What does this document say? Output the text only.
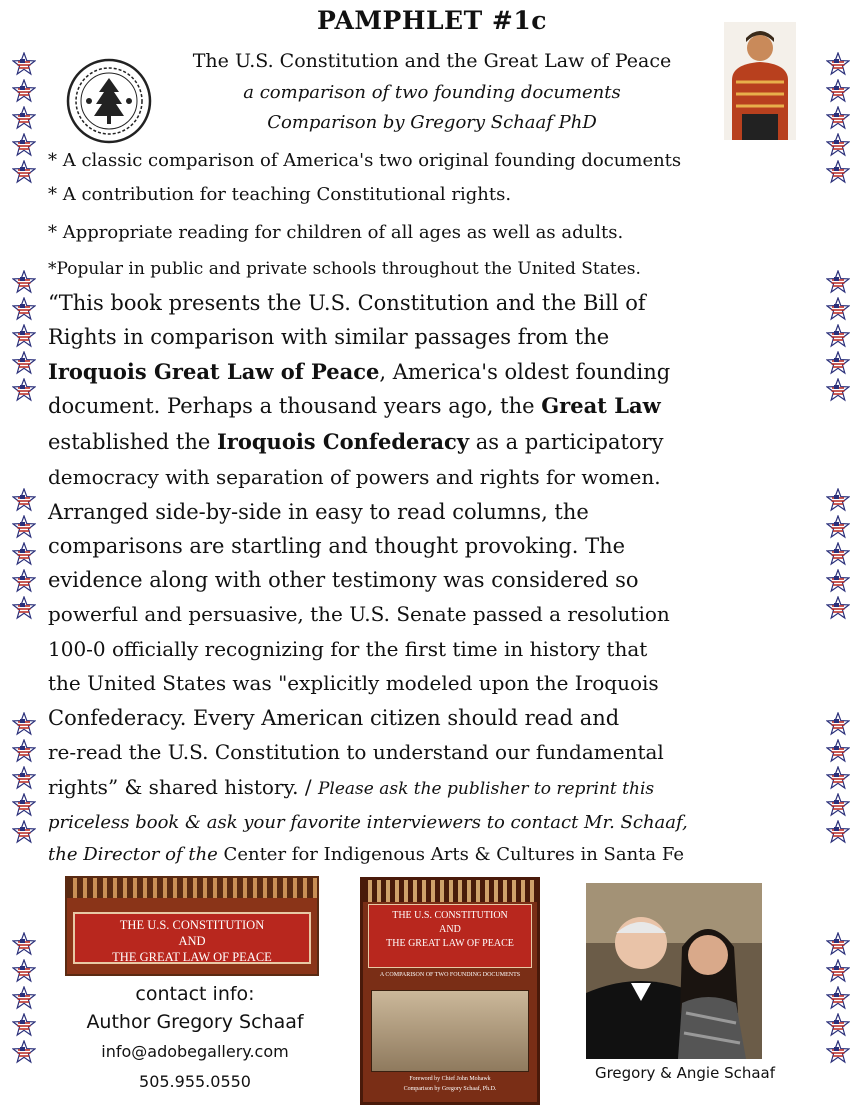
PAMPHLET #1c
The U.S. Constitution and the Great Law of Peace
a comparison of two founding documents
Comparison by Gregory Schaaf PhD
* A classic comparison of America's two original founding documents
* A contribution for teaching Constitutional rights.
* Appropriate reading for children of all ages as well as adults.
*Popular in public and private schools throughout the United States.
“This book presents the U.S. Constitution and the Bill of
Rights in comparison with similar passages from the
Iroquois Great Law of Peace, America's oldest founding
document. Perhaps a thousand years ago, the Great Law
established the Iroquois Confederacy as a participatory
democracy with separation of powers and rights for women.
Arranged side-by-side in easy to read columns, the
comparisons are startling and thought provoking. The
evidence along with other testimony was considered so
powerful and persuasive, the U.S. Senate passed a resolution
100-0 officially recognizing for the first time in history that
the United States was "explicitly modeled upon the Iroquois
Confederacy. Every American citizen should read and
re-read the U.S. Constitution to understand our fundamental
rights” & shared history. / Please ask the publisher to reprint this
priceless book & ask your favorite interviewers to contact Mr. Schaaf,
the Director of the Center for Indigenous Arts & Cultures in Santa Fe
THE U.S. CONSTITUTION
AND
THE GREAT LAW OF PEACE
contact info:
Author Gregory Schaaf
info@adobegallery.com
505.955.0550
THE U.S. CONSTITUTION
AND
THE GREAT LAW OF PEACE
A COMPARISON OF TWO FOUNDING DOCUMENTS
Foreword by Chief John Mohawk
Comparison by Gregory Schaaf, Ph.D.
Gregory & Angie Schaaf
